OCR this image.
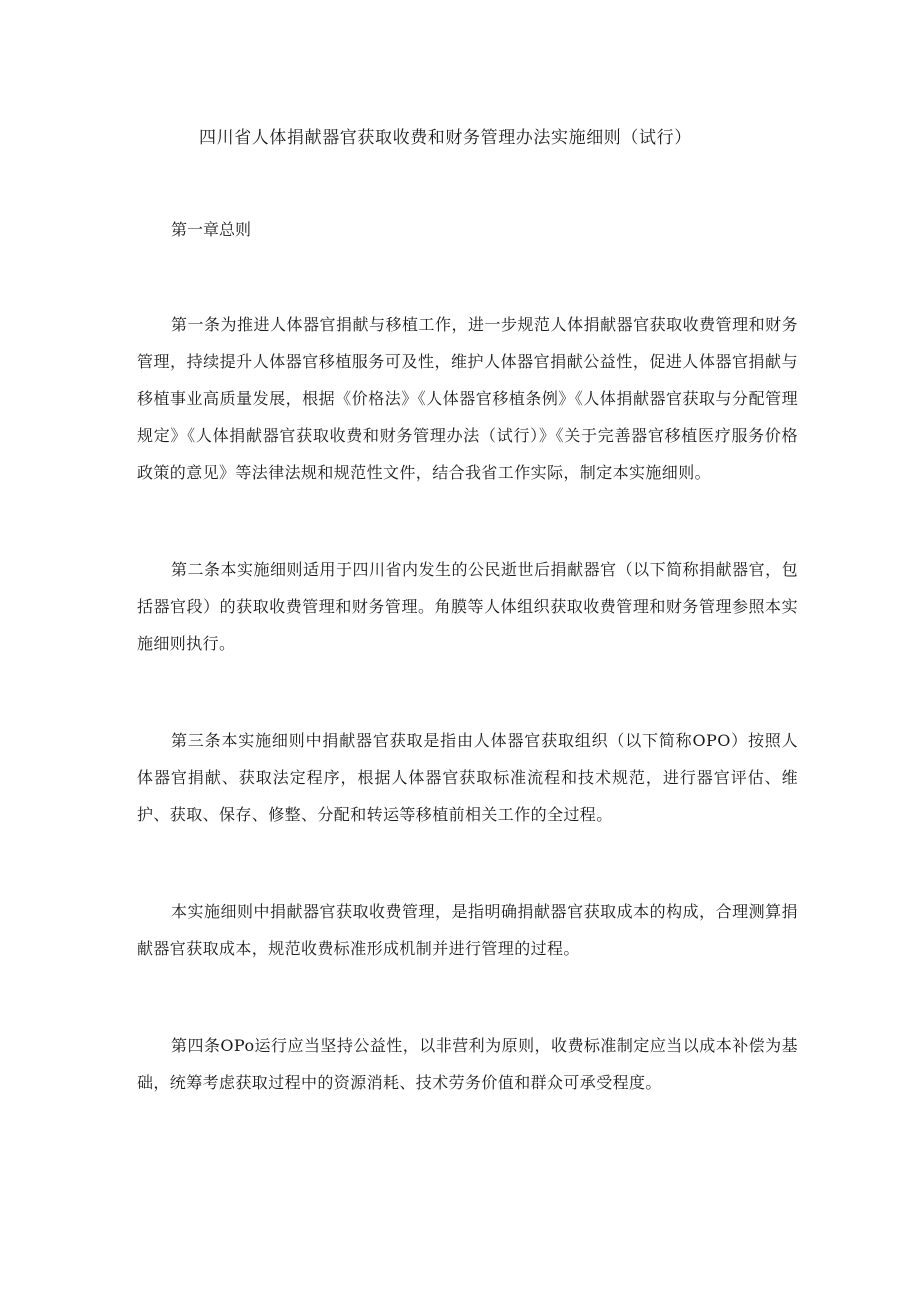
四川省人体捐献器官获取收费和财务管理办法实施细则（试行）

第一章总则

第一条为推进人体器官捐献与移植工作，进一步规范人体捐献器官获取收费管理和财务管理，持续提升人体器官移植服务可及性，维护人体器官捐献公益性，促进人体器官捐献与移植事业高质量发展，根据《价格法》《人体器官移植条例》《人体捐献器官获取与分配管理规定》《人体捐献器官获取收费和财务管理办法（试行）》《关于完善器官移植医疗服务价格政策的意见》等法律法规和规范性文件，结合我省工作实际，制定本实施细则。

第二条本实施细则适用于四川省内发生的公民逝世后捐献器官（以下简称捐献器官，包括器官段）的获取收费管理和财务管理。角膜等人体组织获取收费管理和财务管理参照本实施细则执行。

第三条本实施细则中捐献器官获取是指由人体器官获取组织（以下简称OPO）按照人体器官捐献、获取法定程序，根据人体器官获取标准流程和技术规范，进行器官评估、维护、获取、保存、修整、分配和转运等移植前相关工作的全过程。

本实施细则中捐献器官获取收费管理，是指明确捐献器官获取成本的构成，合理测算捐献器官获取成本，规范收费标准形成机制并进行管理的过程。

第四条OPo运行应当坚持公益性，以非营利为原则，收费标准制定应当以成本补偿为基础，统筹考虑获取过程中的资源消耗、技术劳务价值和群众可承受程度。
